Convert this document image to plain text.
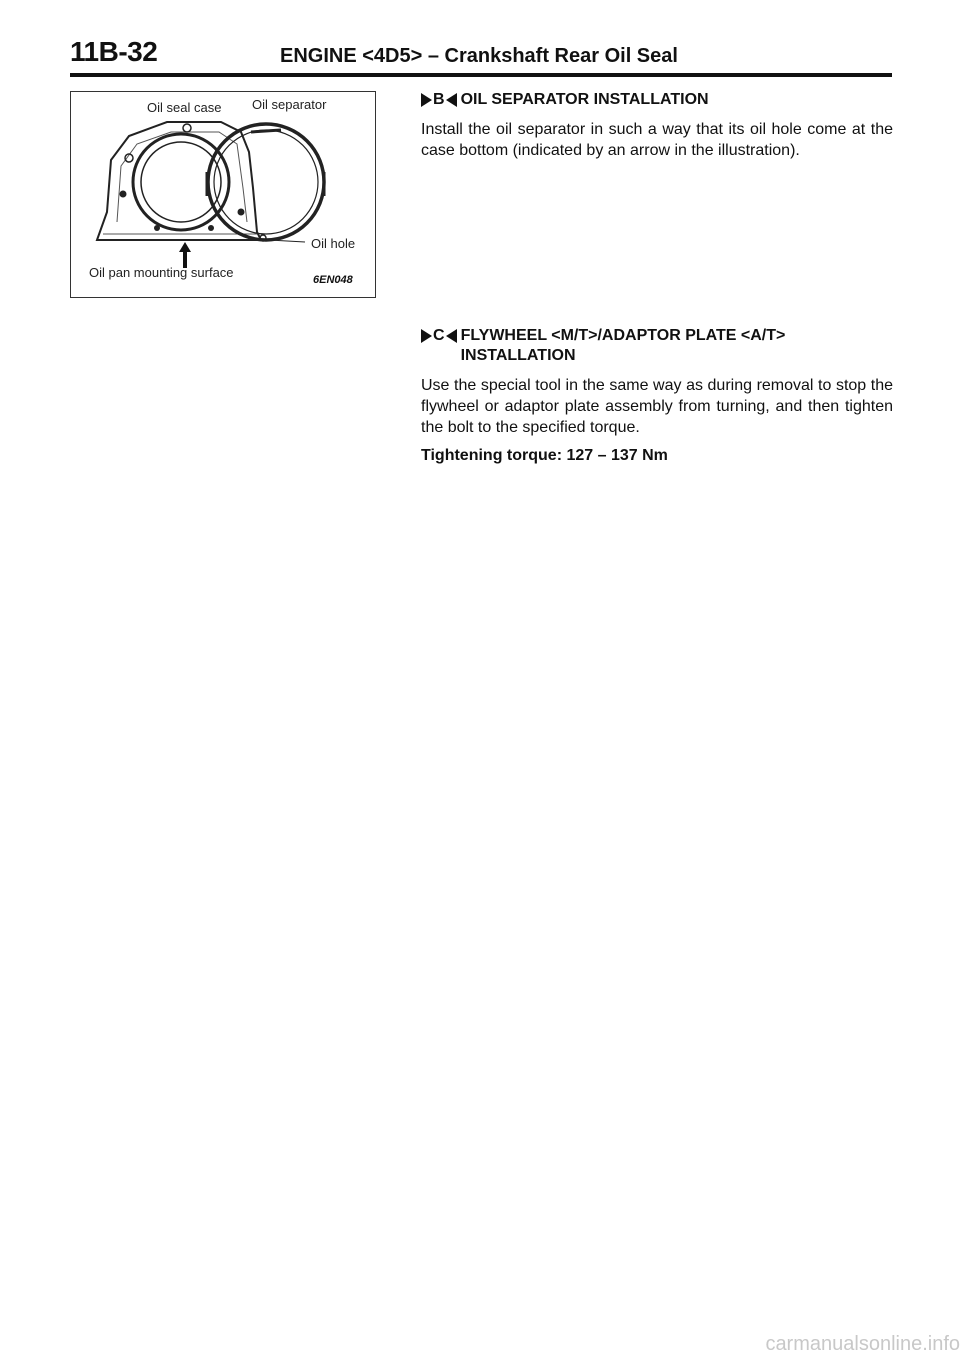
11B-32	ENGINE <4D5> – Crankshaft Rear Oil Seal
Oil seal case Oil separator
Oil hole
Oil pan mounting surface	6EN048
B OIL SEPARATOR INSTALLATION

Install the oil separator in such a way that its oil hole come at the case bottom (indicated by an arrow in the illustration).

C FLYWHEEL <M/T>/ADAPTOR PLATE <A/T> INSTALLATION

Use the special tool in the same way as during removal to stop the flywheel or adaptor plate assembly from turning, and then tighten the bolt to the specified torque.

Tightening torque: 127 – 137 Nm
carmanualsonline.info
